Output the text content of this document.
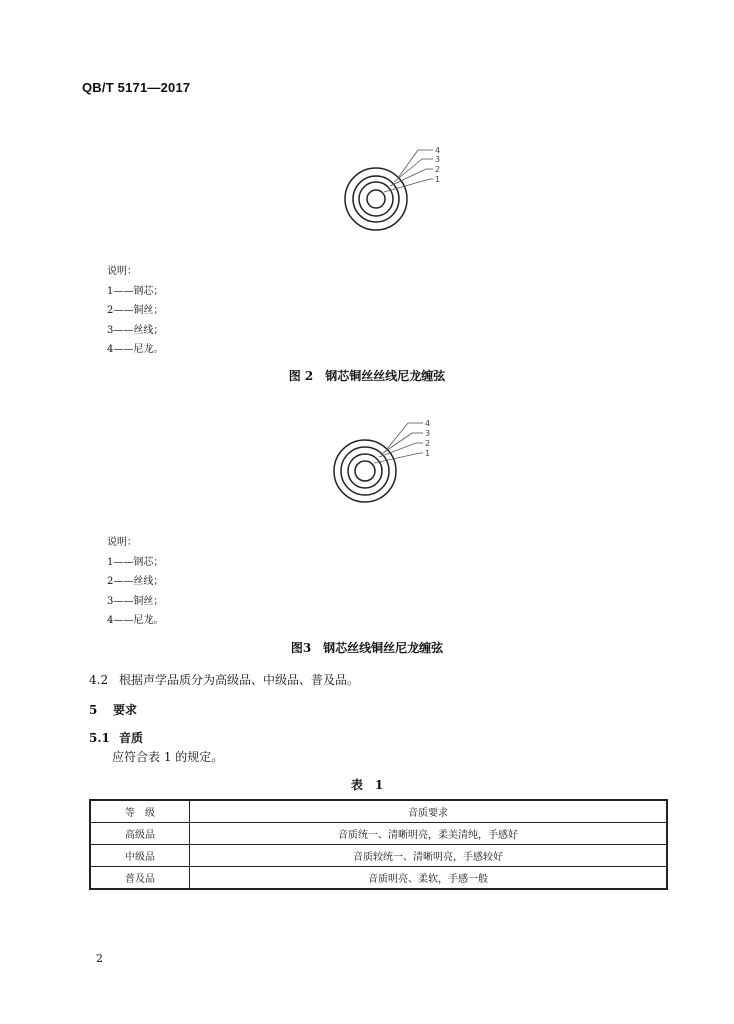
QB/T 5171—2017
4
3
2
1
说明：
1——钢芯；
2——铜丝；
3——丝线；
4——尼龙。
图 2　钢芯铜丝丝线尼龙缠弦
4
3
2
1
说明：
1——钢芯；
2——丝线；
3——铜丝；
4——尼龙。
图3　钢芯丝线铜丝尼龙缠弦
4.2 根据声学品质分为高级品、中级品、普及品。
5 要求
5.1 音质
应符合表 1 的规定。
表　1
等　级	音质要求
高级品	音质统一、清晰明亮，柔美清纯，手感好
中级品	音质较统一、清晰明亮，手感较好
普及品	音质明亮、柔软，手感一般
2
